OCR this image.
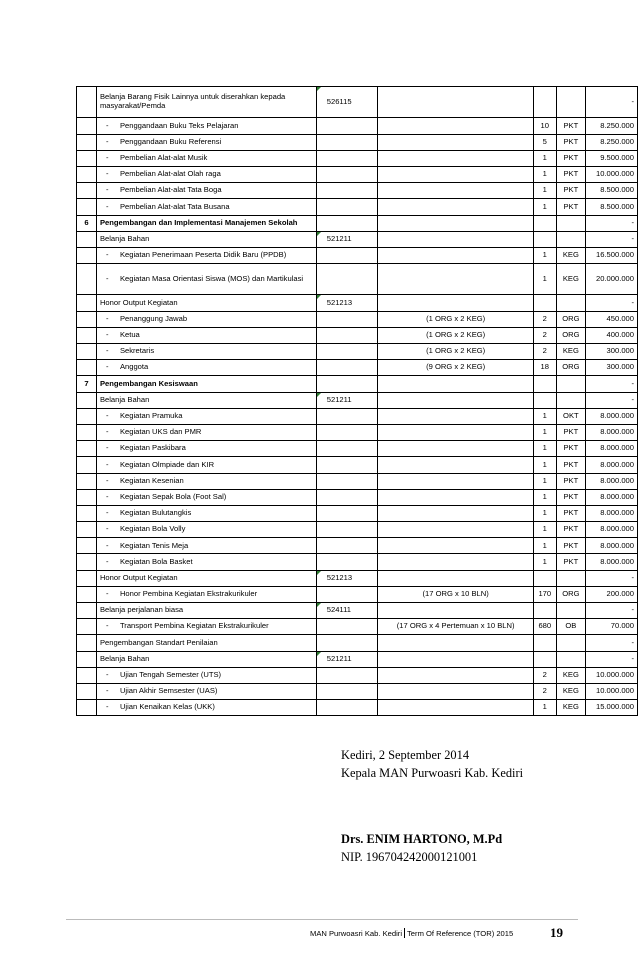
	Belanja Barang Fisik Lainnya untuk diserahkan kepada masyarakat/Pemda	526115				-
	- Penggandaan Buku Teks Pelajaran			10	PKT	8.250.000
	- Penggandaan Buku Referensi			5	PKT	8.250.000
	- Pembelian Alat-alat Musik			1	PKT	9.500.000
	- Pembelian Alat-alat Olah raga			1	PKT	10.000.000
	- Pembelian Alat-alat Tata Boga			1	PKT	8.500.000
	- Pembelian Alat-alat Tata Busana			1	PKT	8.500.000
6	Pengembangan dan Implementasi Manajemen Sekolah					-
	Belanja Bahan	521211				-
	- Kegiatan Penerimaan Peserta Didik Baru (PPDB)			1	KEG	16.500.000
	- Kegiatan Masa Orientasi Siswa (MOS) dan Martikulasi			1	KEG	20.000.000
	Honor Output Kegiatan	521213				-
	- Penanggung Jawab		(1 ORG x 2 KEG)	2	ORG	450.000
	- Ketua		(1 ORG x 2 KEG)	2	ORG	400.000
	- Sekretaris		(1 ORG x 2 KEG)	2	KEG	300.000
	- Anggota		(9 ORG x 2 KEG)	18	ORG	300.000
7	Pengembangan Kesiswaan					-
	Belanja Bahan	521211				-
	- Kegiatan Pramuka			1	OKT	8.000.000
	- Kegiatan UKS dan PMR			1	PKT	8.000.000
	- Kegiatan Paskibara			1	PKT	8.000.000
	- Kegiatan Olmpiade dan KIR			1	PKT	8.000.000
	- Kegiatan Kesenian			1	PKT	8.000.000
	- Kegiatan Sepak Bola (Foot Sal)			1	PKT	8.000.000
	- Kegiatan Bulutangkis			1	PKT	8.000.000
	- Kegiatan Bola Volly			1	PKT	8.000.000
	- Kegiatan Tenis Meja			1	PKT	8.000.000
	- Kegiatan Bola Basket			1	PKT	8.000.000
	Honor Output Kegiatan	521213				-
	- Honor Pembina Kegiatan Ekstrakurikuler		(17 ORG x 10 BLN)	170	ORG	200.000
	Belanja perjalanan biasa	524111				-
	- Transport Pembina Kegiatan Ekstrakurikuler		(17 ORG x 4 Pertemuan x 10 BLN)	680	OB	70.000
	Pengembangan Standart Penilaian					-
	Belanja Bahan	521211				-
	- Ujian Tengah Semester (UTS)			2	KEG	10.000.000
	- Ujian Akhir Semsester (UAS)			2	KEG	10.000.000
	- Ujian Kenaikan Kelas (UKK)			1	KEG	15.000.000
Kediri, 2 September 2014
Kepala MAN Purwoasri Kab. Kediri
Drs. ENIM HARTONO, M.Pd
NIP. 196704242000121001
MAN Purwoasri Kab. Kediri Term Of Reference (TOR) 2015	19
